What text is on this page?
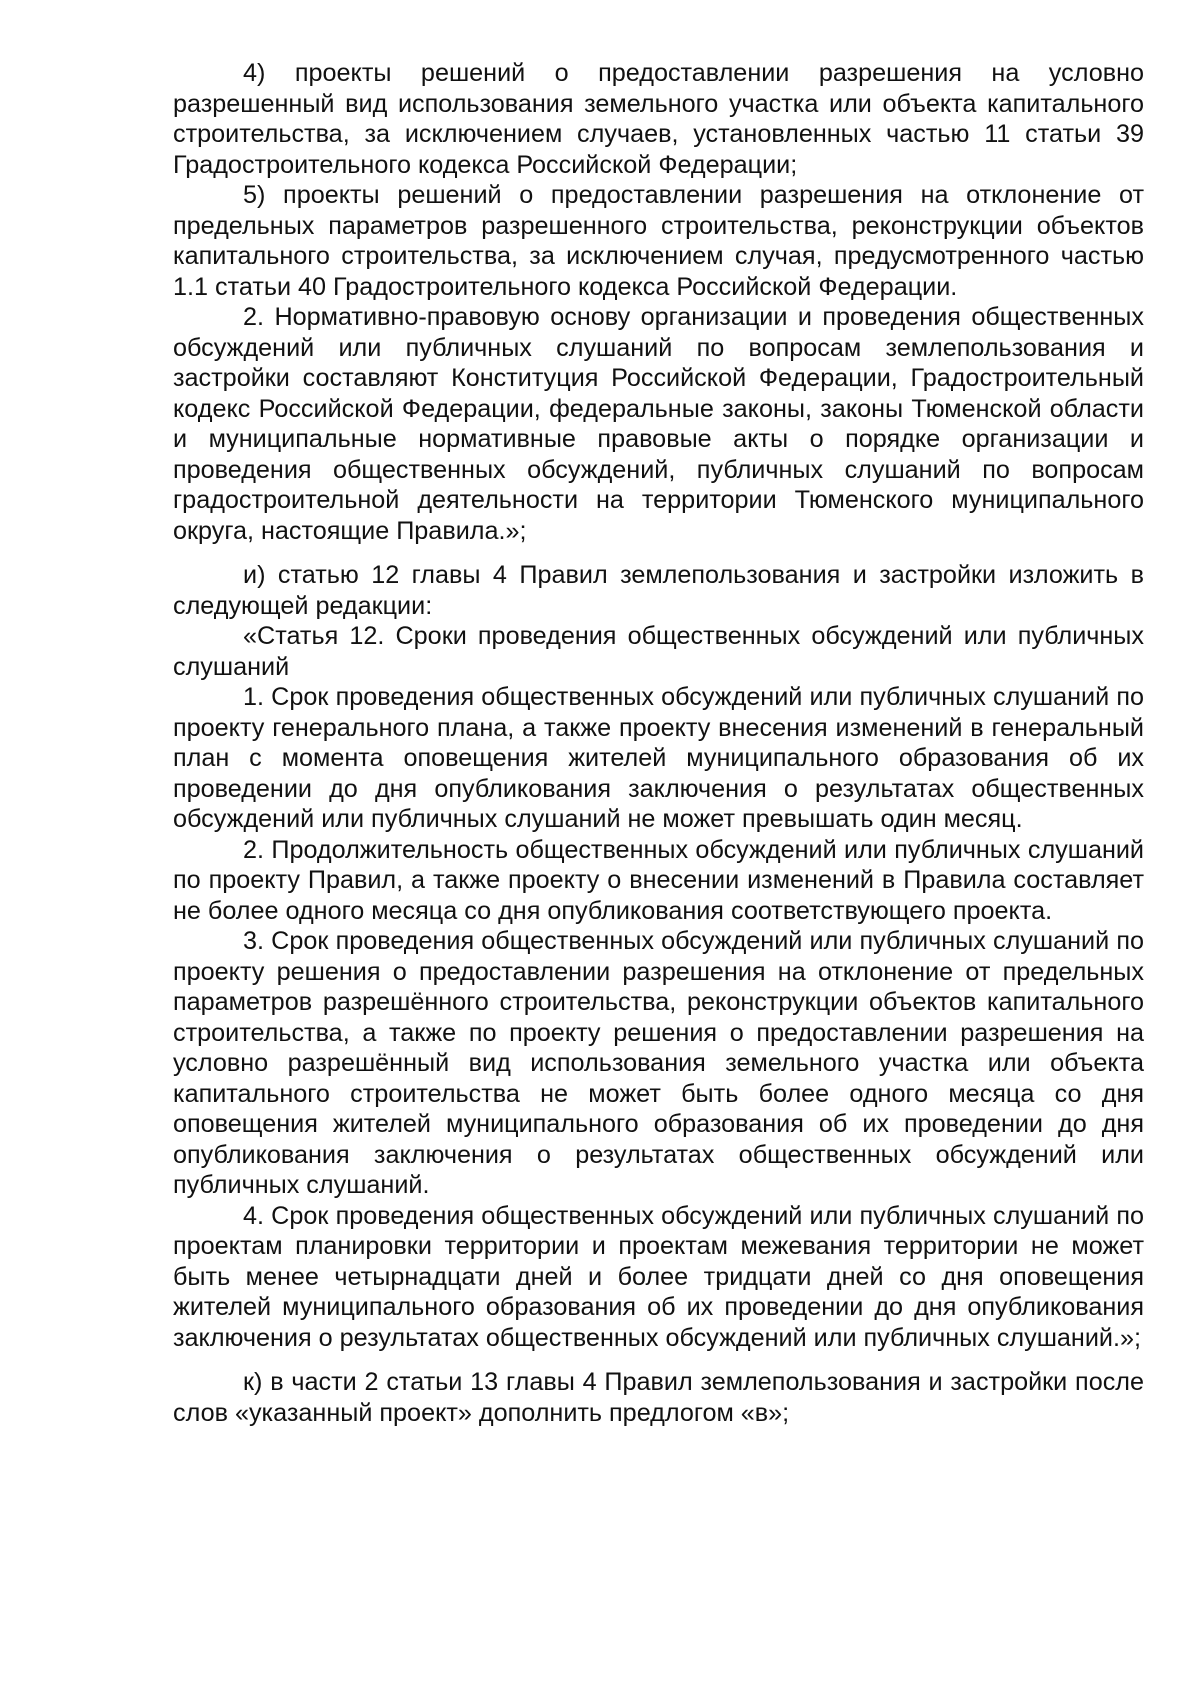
4) проекты решений о предоставлении разрешения на условно разрешенный вид использования земельного участка или объекта капитального строительства, за исключением случаев, установленных частью 11 статьи 39 Градостроительного кодекса Российской Федерации;

5) проекты решений о предоставлении разрешения на отклонение от предельных параметров разрешенного строительства, реконструкции объектов капитального строительства, за исключением случая, предусмотренного частью 1.1 статьи 40 Градостроительного кодекса Российской Федерации.

2. Нормативно-правовую основу организации и проведения общественных обсуждений или публичных слушаний по вопросам землепользования и застройки составляют Конституция Российской Федерации, Градостроительный кодекс Российской Федерации, федеральные законы, законы Тюменской области и муниципальные нормативные правовые акты о порядке организации и проведения общественных обсуждений, публичных слушаний по вопросам градостроительной деятельности на территории Тюменского муниципального округа, настоящие Правила.»;

и) статью 12 главы 4 Правил землепользования и застройки изложить в следующей редакции:

«Статья 12. Сроки проведения общественных обсуждений или публичных слушаний

1. Срок проведения общественных обсуждений или публичных слушаний по проекту генерального плана, а также проекту внесения изменений в генеральный план с момента оповещения жителей муниципального образования об их проведении до дня опубликования заключения о результатах общественных обсуждений или публичных слушаний не может превышать один месяц.

2. Продолжительность общественных обсуждений или публичных слушаний по проекту Правил, а также проекту о внесении изменений в Правила составляет не более одного месяца со дня опубликования соответствующего проекта.

3. Срок проведения общественных обсуждений или публичных слушаний по проекту решения о предоставлении разрешения на отклонение от предельных параметров разрешённого строительства, реконструкции объектов капитального строительства, а также по проекту решения о предоставлении разрешения на условно разрешённый вид использования земельного участка или объекта капитального строительства не может быть более одного месяца со дня оповещения жителей муниципального образования об их проведении до дня опубликования заключения о результатах общественных обсуждений или публичных слушаний.

4. Срок проведения общественных обсуждений или публичных слушаний по проектам планировки территории и проектам межевания территории не может быть менее четырнадцати дней и более тридцати дней со дня оповещения жителей муниципального образования об их проведении до дня опубликования заключения о результатах общественных обсуждений или публичных слушаний.»;

к) в части 2 статьи 13 главы 4 Правил землепользования и застройки после слов «указанный проект» дополнить предлогом «в»;
